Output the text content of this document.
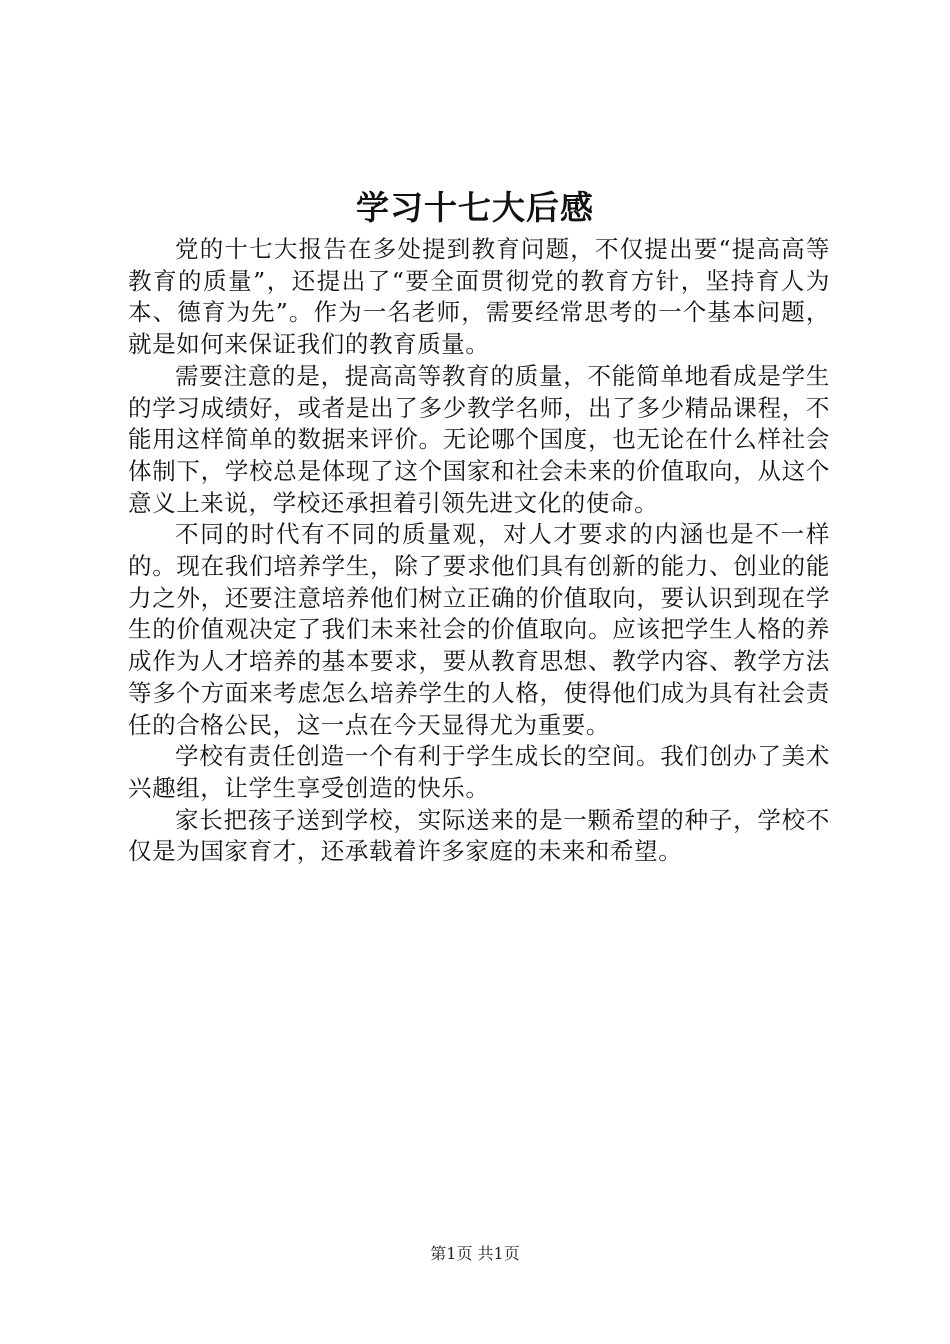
学习十七大后感

党的十七大报告在多处提到教育问题，不仅提出要“提高高等教育的质量”，还提出了“要全面贯彻党的教育方针，坚持育人为本、德育为先”。作为一名老师，需要经常思考的一个基本问题，就是如何来保证我们的教育质量。

需要注意的是，提高高等教育的质量，不能简单地看成是学生的学习成绩好，或者是出了多少教学名师，出了多少精品课程，不能用这样简单的数据来评价。无论哪个国度，也无论在什么样社会体制下，学校总是体现了这个国家和社会未来的价值取向，从这个意义上来说，学校还承担着引领先进文化的使命。

不同的时代有不同的质量观，对人才要求的内涵也是不一样的。现在我们培养学生，除了要求他们具有创新的能力、创业的能力之外，还要注意培养他们树立正确的价值取向，要认识到现在学生的价值观决定了我们未来社会的价值取向。应该把学生人格的养成作为人才培养的基本要求，要从教育思想、教学内容、教学方法等多个方面来考虑怎么培养学生的人格，使得他们成为具有社会责任的合格公民，这一点在今天显得尤为重要。

学校有责任创造一个有利于学生成长的空间。我们创办了美术兴趣组，让学生享受创造的快乐。

家长把孩子送到学校，实际送来的是一颗希望的种子，学校不仅是为国家育才，还承载着许多家庭的未来和希望。

第1页 共1页
